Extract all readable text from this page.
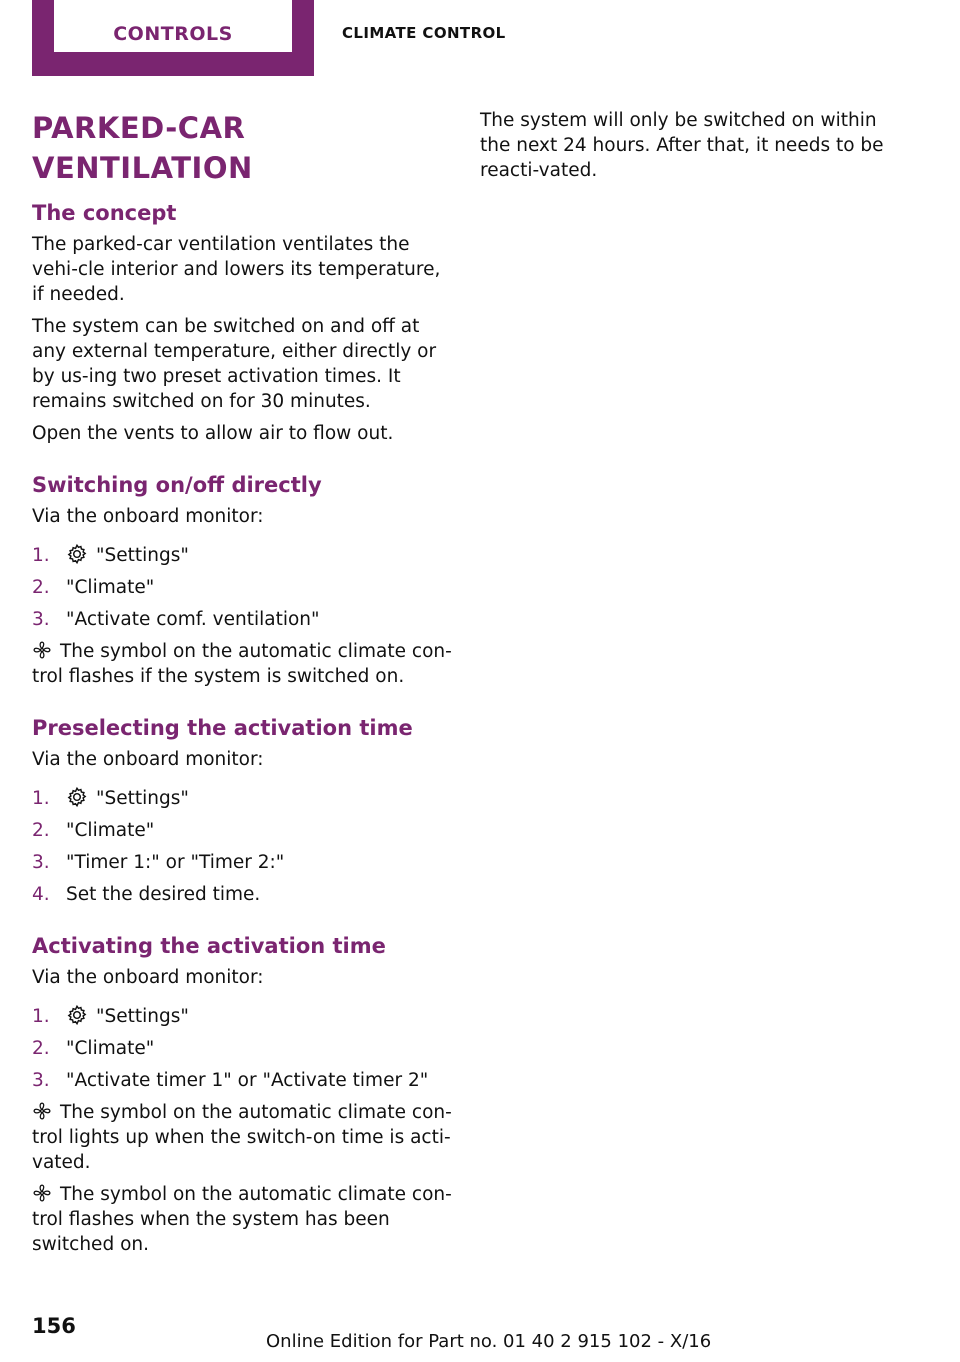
CONTROLS	CLIMATE CONTROL
PARKED-CAR VENTILATION
The concept

The parked-car ventilation ventilates the vehi‐cle interior and lowers its temperature, if needed.

The system can be switched on and off at any external temperature, either directly or by us‐ing two preset activation times. It remains switched on for 30 minutes.

Open the vents to allow air to flow out.

Switching on/off directly

Via the onboard monitor:

1.	"Settings"
2. "Climate"
3. "Activate comf. ventilation"

The symbol on the automatic climate con‐trol flashes if the system is switched on.

Preselecting the activation time

Via the onboard monitor:

1.	"Settings"
2. "Climate"
3. "Timer 1:" or "Timer 2:"
4. Set the desired time.
Activating the activation time

Via the onboard monitor:

1.	"Settings"
2. "Climate"
3. "Activate timer 1" or "Activate timer 2"

The symbol on the automatic climate con‐trol lights up when the switch-on time is acti‐vated.

The symbol on the automatic climate con‐trol flashes when the system has been switched on.

The system will only be switched on within the next 24 hours. After that, it needs to be reacti‐vated.

156
Online Edition for Part no. 01 40 2 915 102 - X/16
